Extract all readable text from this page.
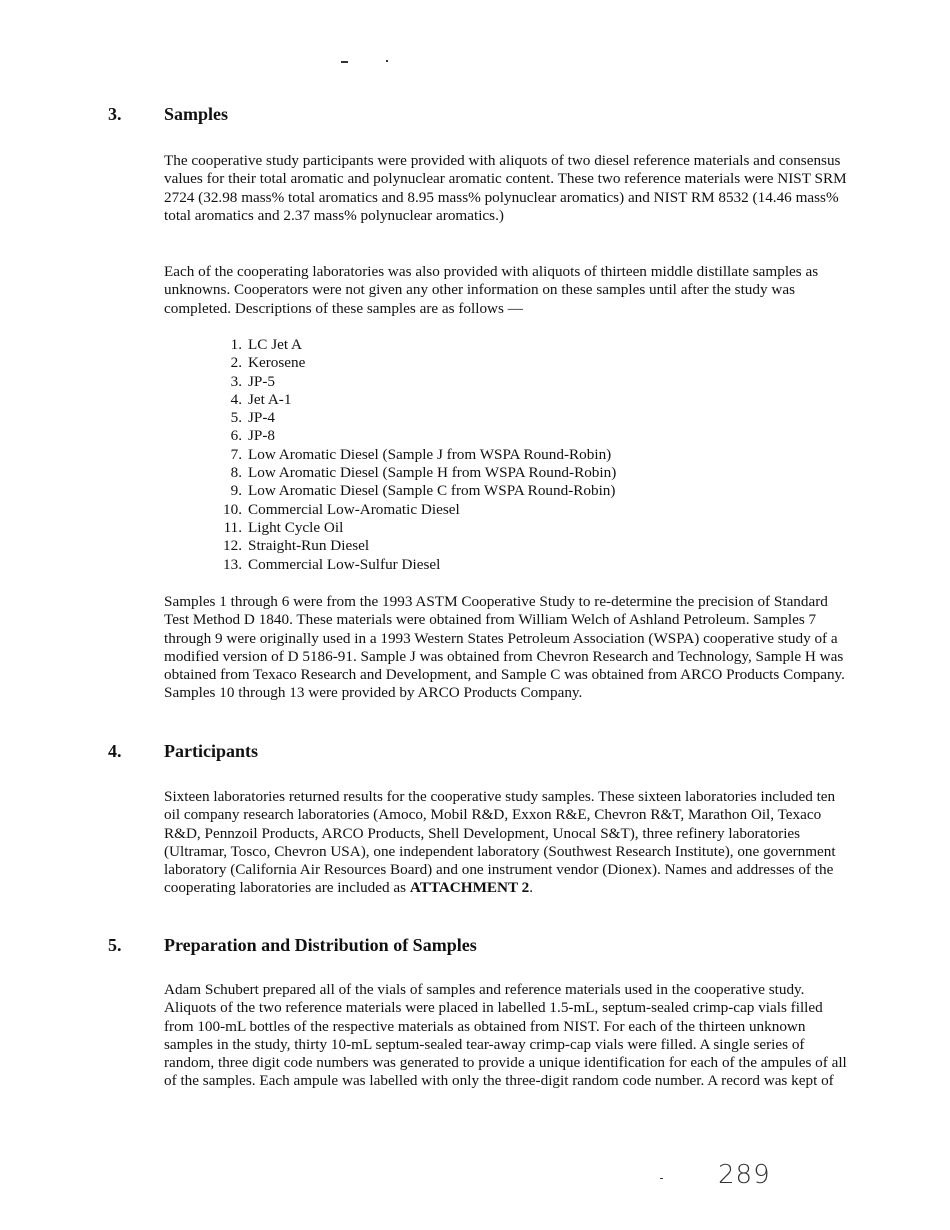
3. Samples

The cooperative study participants were provided with aliquots of two diesel reference materials and consensus values for their total aromatic and polynuclear aromatic content. These two reference materials were NIST SRM 2724 (32.98 mass% total aromatics and 8.95 mass% polynuclear aromatics) and NIST RM 8532 (14.46 mass% total aromatics and 2.37 mass% polynuclear aromatics.)

Each of the cooperating laboratories was also provided with aliquots of thirteen middle distillate samples as unknowns. Cooperators were not given any other information on these samples until after the study was completed. Descriptions of these samples are as follows —

1. LC Jet A
2. Kerosene
3. JP-5
4. Jet A-1
5. JP-4
6. JP-8
7. Low Aromatic Diesel (Sample J from WSPA Round-Robin)
8. Low Aromatic Diesel (Sample H from WSPA Round-Robin)
9. Low Aromatic Diesel (Sample C from WSPA Round-Robin)
10. Commercial Low-Aromatic Diesel
11. Light Cycle Oil
12. Straight-Run Diesel
13. Commercial Low-Sulfur Diesel

Samples 1 through 6 were from the 1993 ASTM Cooperative Study to re-determine the precision of Standard Test Method D 1840. These materials were obtained from William Welch of Ashland Petroleum. Samples 7 through 9 were originally used in a 1993 Western States Petroleum Association (WSPA) cooperative study of a modified version of D 5186-91. Sample J was obtained from Chevron Research and Technology, Sample H was obtained from Texaco Research and Development, and Sample C was obtained from ARCO Products Company. Samples 10 through 13 were provided by ARCO Products Company.

4. Participants

Sixteen laboratories returned results for the cooperative study samples. These sixteen laboratories included ten oil company research laboratories (Amoco, Mobil R&D, Exxon R&E, Chevron R&T, Marathon Oil, Texaco R&D, Pennzoil Products, ARCO Products, Shell Development, Unocal S&T), three refinery laboratories (Ultramar, Tosco, Chevron USA), one independent laboratory (Southwest Research Institute), one government laboratory (California Air Resources Board) and one instrument vendor (Dionex). Names and addresses of the cooperating laboratories are included as ATTACHMENT 2.

5. Preparation and Distribution of Samples

Adam Schubert prepared all of the vials of samples and reference materials used in the cooperative study. Aliquots of the two reference materials were placed in labelled 1.5-mL, septum-sealed crimp-cap vials filled from 100-mL bottles of the respective materials as obtained from NIST. For each of the thirteen unknown samples in the study, thirty 10-mL septum-sealed tear-away crimp-cap vials were filled. A single series of random, three digit code numbers was generated to provide a unique identification for each of the ampules of all of the samples. Each ampule was labelled with only the three-digit random code number. A record was kept of

289
